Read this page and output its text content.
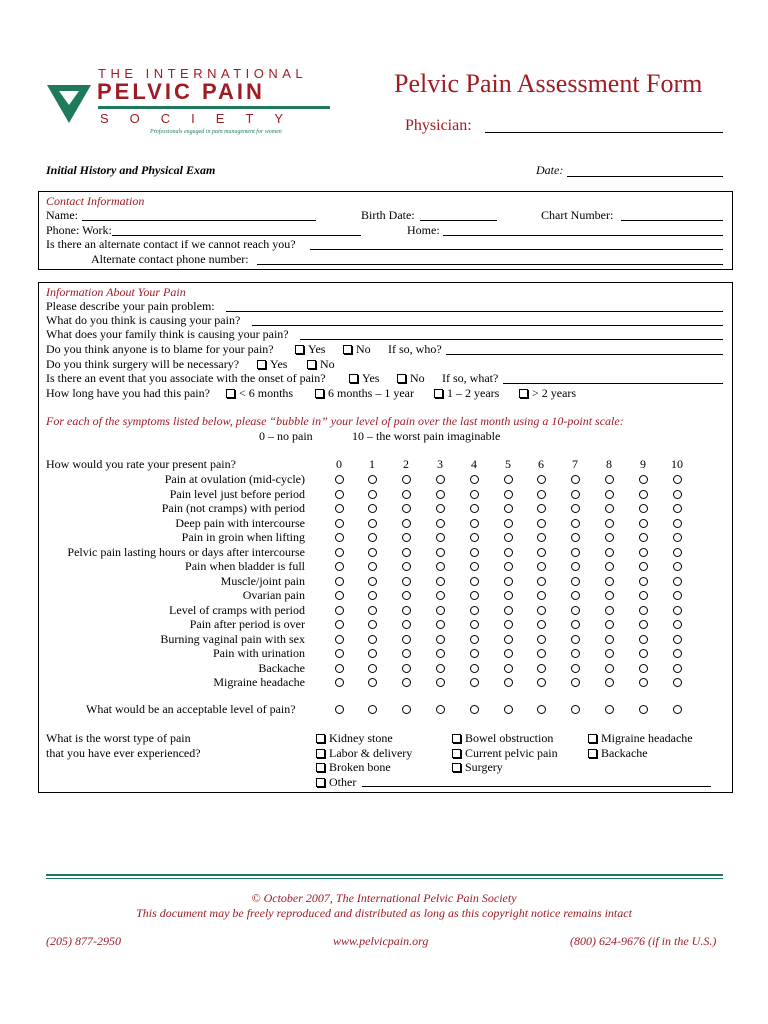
THE INTERNATIONAL
PELVIC PAIN
SOCIETY
Professionals engaged in pain management for women
Pelvic Pain Assessment Form
Physician:
Initial History and Physical Exam	Date:
Contact Information
Name:	Birth Date:	Chart Number:
Phone: Work:	Home:
Is there an alternate contact if we cannot reach you?
Alternate contact phone number:
Information About Your Pain
Please describe your pain problem:
What do you think is causing your pain?
What does your family think is causing your pain?
Do you think anyone is to blame for your pain?	Yes	No If so, who?
Do you think surgery will be necessary?	Yes	No
Is there an event that you associate with the onset of pain?	Yes	No If so, what?
How long have you had this pain?	< 6 months	6 months – 1 year	1 – 2 years	> 2 years
For each of the symptoms listed below, please “bubble in” your level of pain over the last month using a 10-point scale:
0 – no pain	10 – the worst pain imaginable
How would you rate your present pain?	0	1	2	3	4	5	6	7	8	9	10
Pain at ovulation (mid-cycle)
Pain level just before period
Pain (not cramps) with period
Deep pain with intercourse
Pain in groin when lifting
Pelvic pain lasting hours or days after intercourse
Pain when bladder is full
Muscle/joint pain
Ovarian pain
Level of cramps with period
Pain after period is over
Burning vaginal pain with sex
Pain with urination
Backache
Migraine headache
What would be an acceptable level of pain?
What is the worst type of pain
that you have ever experienced?
Kidney stone	Bowel obstruction	Migraine headache
Labor & delivery	Current pelvic pain	Backache
Broken bone	Surgery
Other
© October 2007, The International Pelvic Pain Society
This document may be freely reproduced and distributed as long as this copyright notice remains intact
(205) 877-2950	www.pelvicpain.org	(800) 624-9676 (if in the U.S.)
